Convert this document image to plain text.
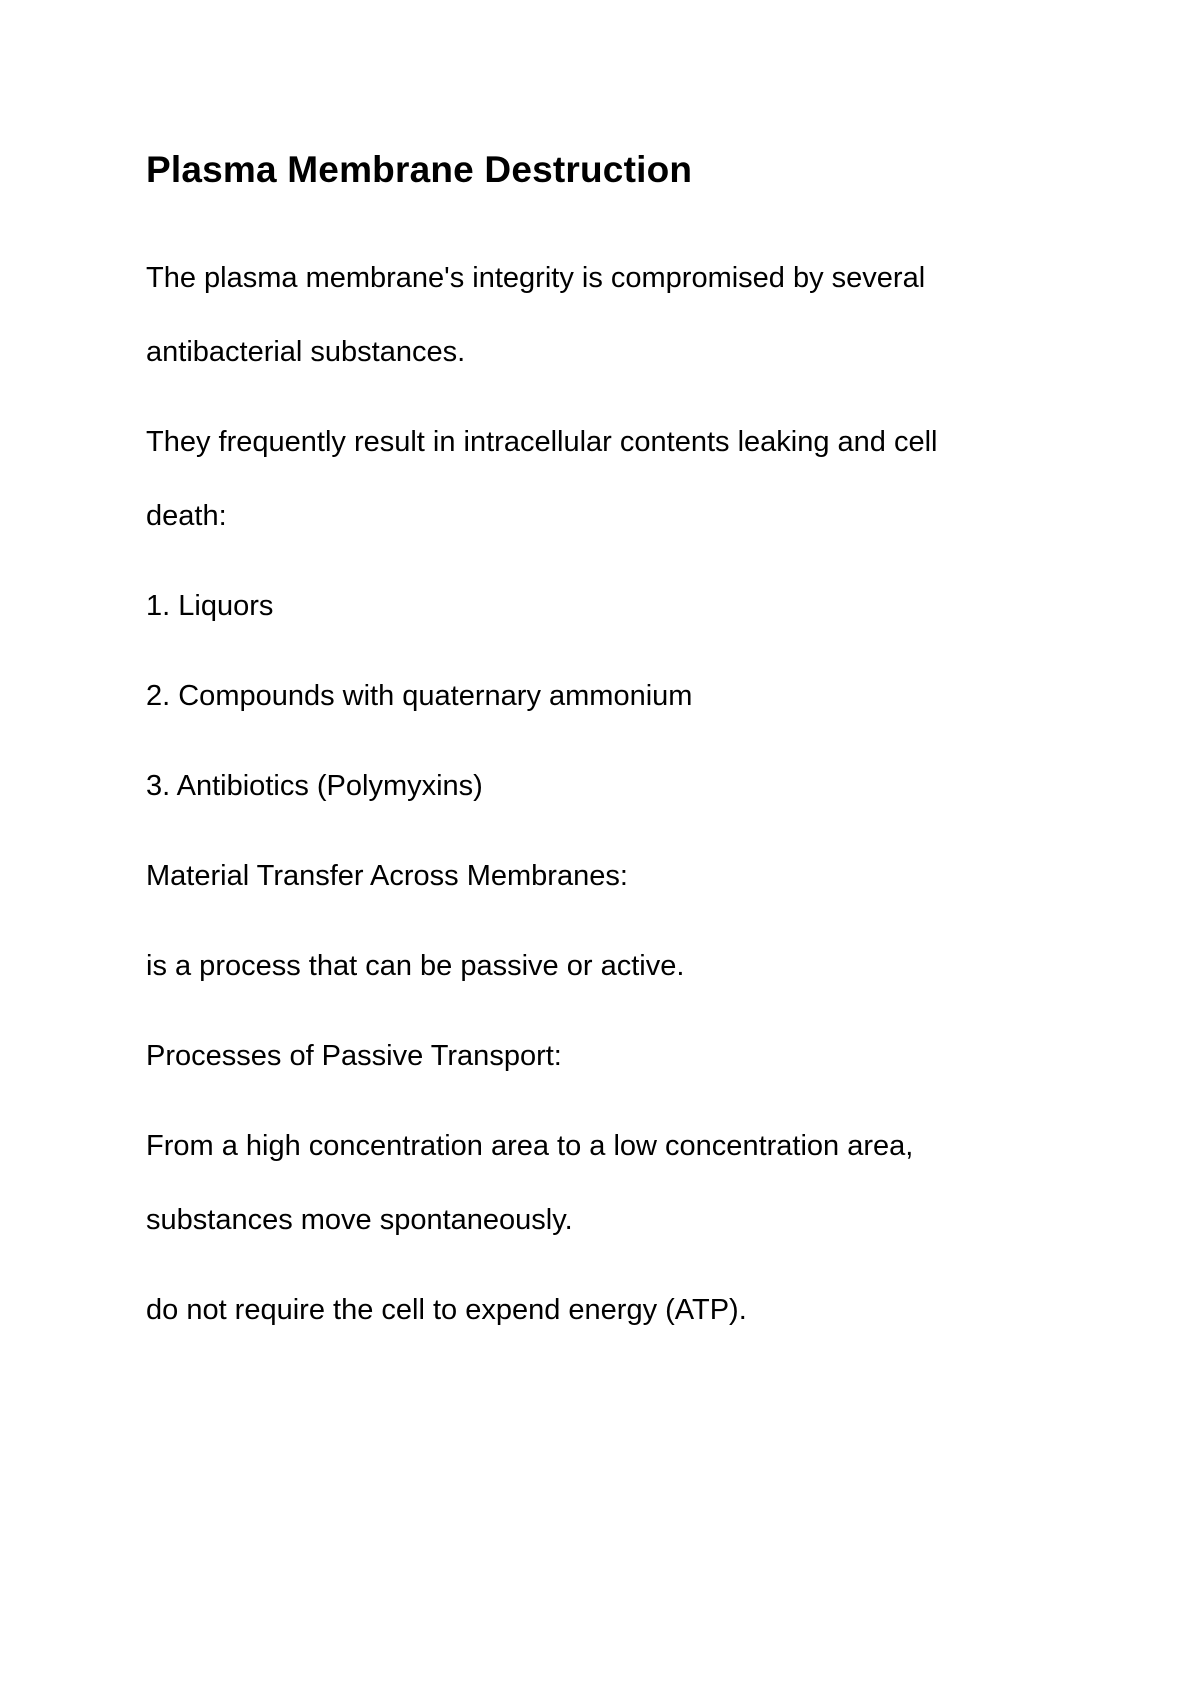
Plasma Membrane Destruction

The plasma membrane's integrity is compromised by several

antibacterial substances.

They frequently result in intracellular contents leaking and cell

death:

1. Liquors

2. Compounds with quaternary ammonium

3. Antibiotics (Polymyxins)

Material Transfer Across Membranes:

is a process that can be passive or active.

Processes of Passive Transport:

From a high concentration area to a low concentration area,

substances move spontaneously.

do not require the cell to expend energy (ATP).
